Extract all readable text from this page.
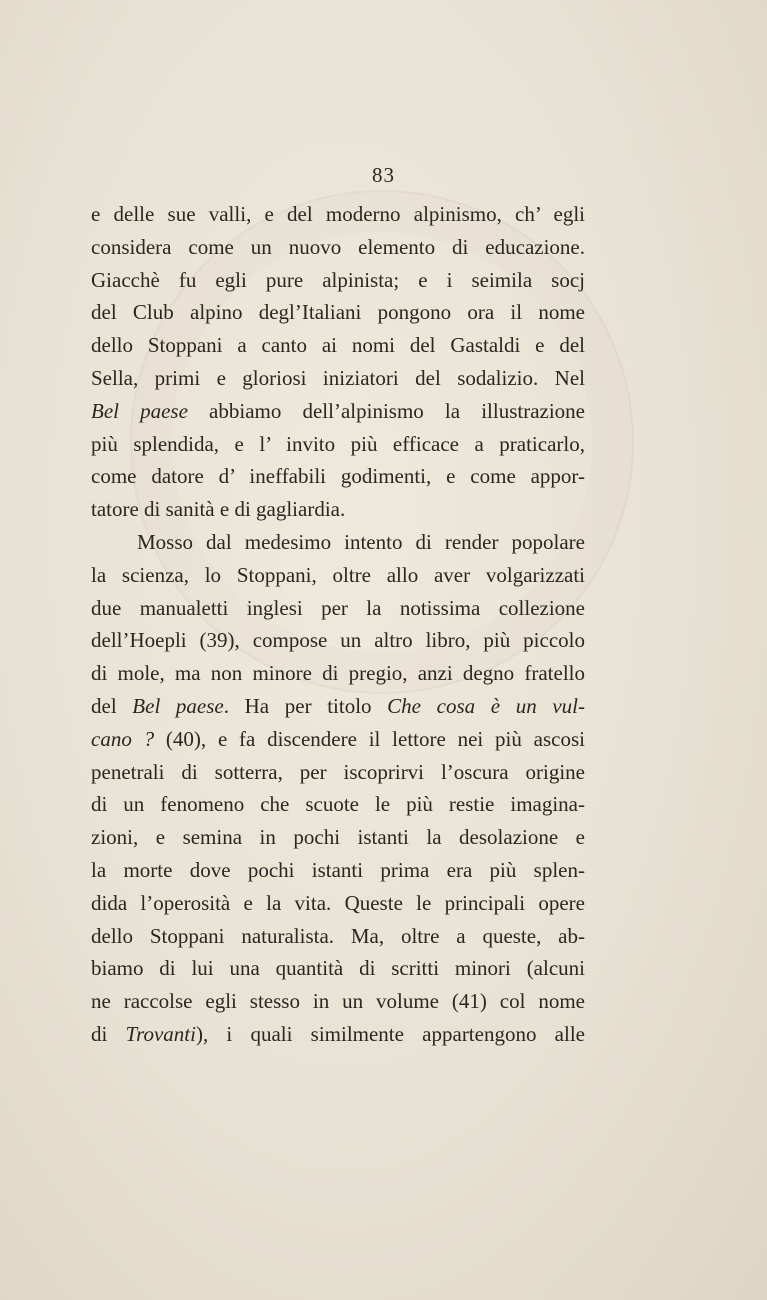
83
e delle sue valli, e del moderno alpinismo, ch’ egli
considera come un nuovo elemento di educazione.
Giacchè fu egli pure alpinista; e i seimila socj
del Club alpino degl’Italiani pongono ora il nome
dello Stoppani a canto ai nomi del Gastaldi e del
Sella, primi e gloriosi iniziatori del sodalizio. Nel
Bel paese abbiamo dell’alpinismo la illustrazione
più splendida, e l’ invito più efficace a praticarlo,
come datore d’ ineffabili godimenti, e come appor-
tatore di sanità e di gagliardia.
Mosso dal medesimo intento di render popolare
la scienza, lo Stoppani, oltre allo aver volgarizzati
due manualetti inglesi per la notissima collezione
dell’Hoepli (39), compose un altro libro, più piccolo
di mole, ma non minore di pregio, anzi degno fratello
del Bel paese. Ha per titolo Che cosa è un vul-
cano ? (40), e fa discendere il lettore nei più ascosi
penetrali di sotterra, per iscoprirvi l’oscura origine
di un fenomeno che scuote le più restie imagina-
zioni, e semina in pochi istanti la desolazione e
la morte dove pochi istanti prima era più splen-
dida l’operosità e la vita. Queste le principali opere
dello Stoppani naturalista. Ma, oltre a queste, ab-
biamo di lui una quantità di scritti minori (alcuni
ne raccolse egli stesso in un volume (41) col nome
di Trovanti), i quali similmente appartengono alle
